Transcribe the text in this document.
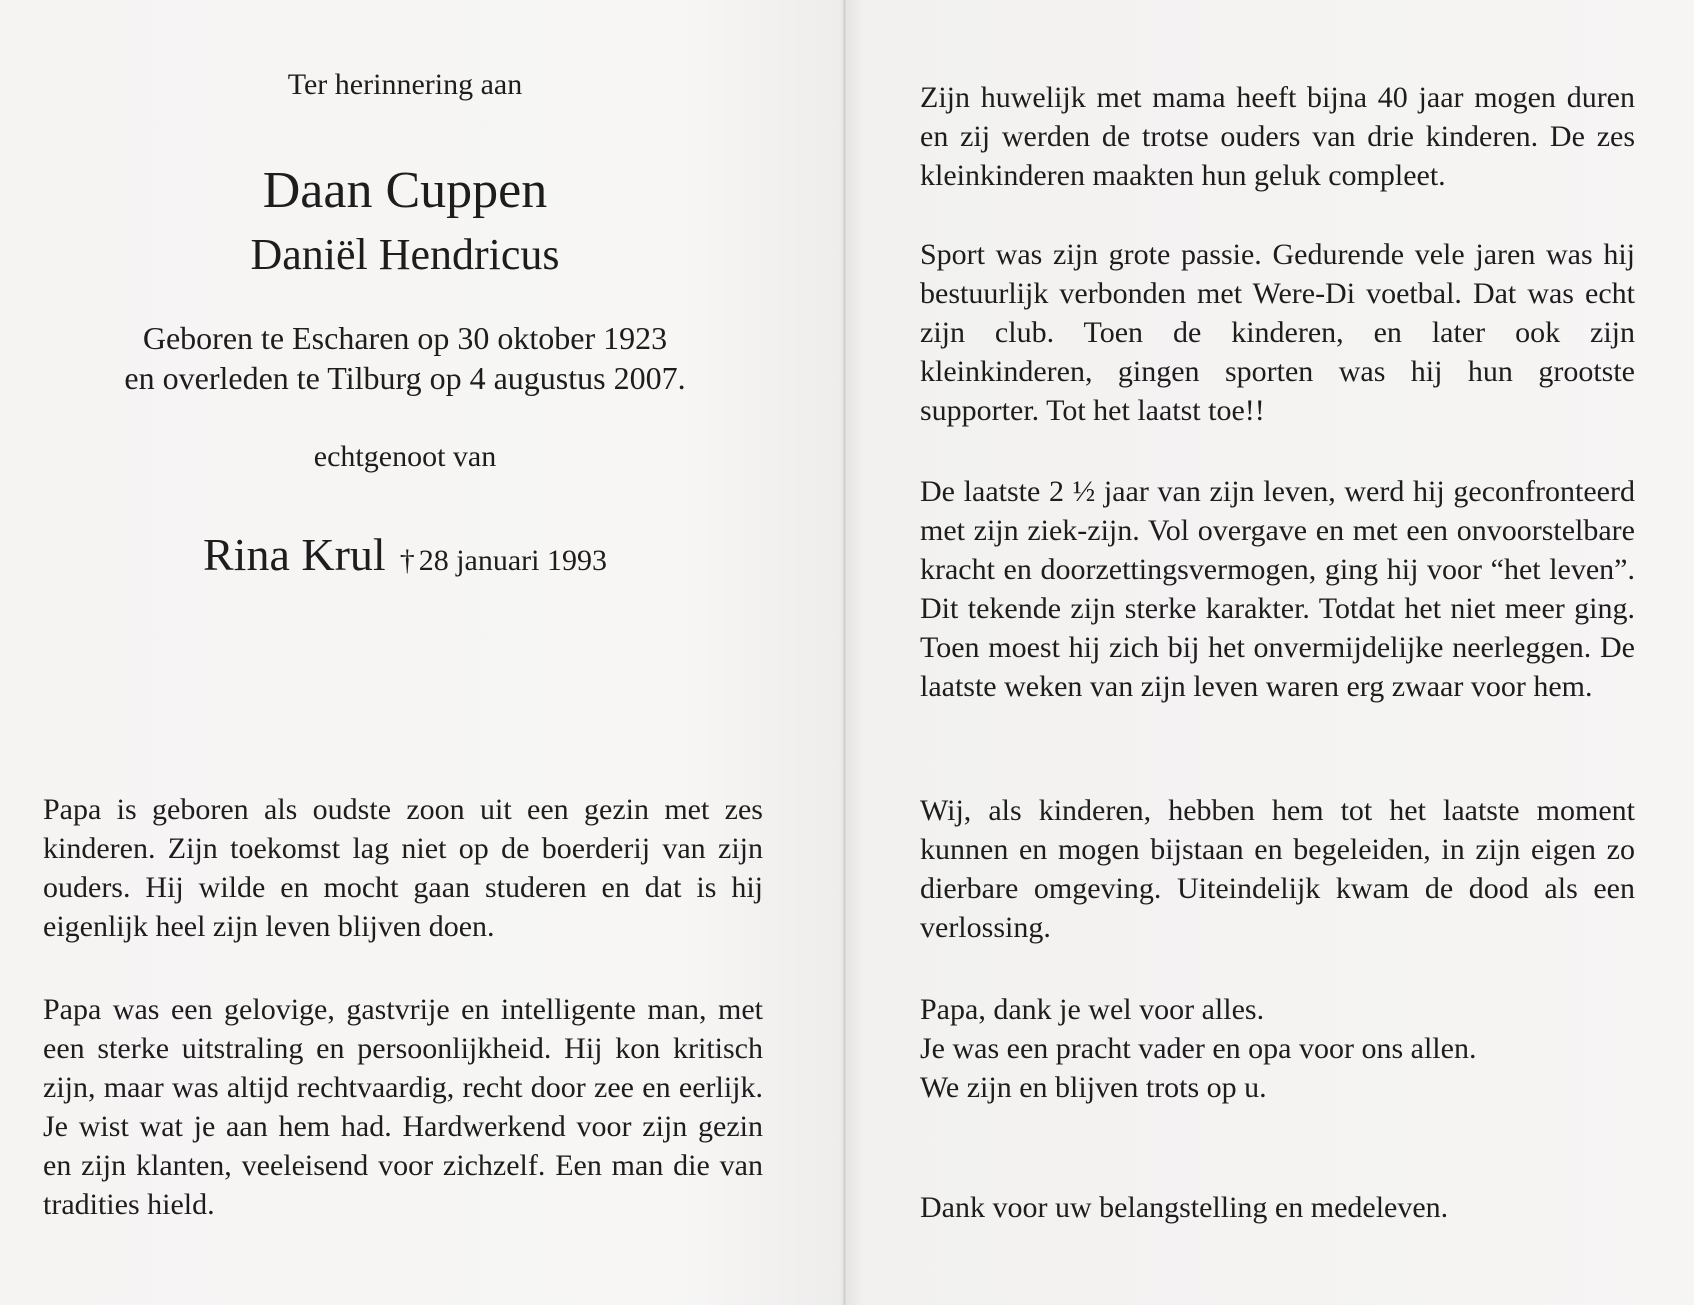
Ter herinnering aan
Daan Cuppen
Daniël Hendricus
Geboren te Escharen op 30 oktober 1923
en overleden te Tilburg op 4 augustus 2007.
echtgenoot van
Rina Krul † 28 januari 1993

Papa is geboren als oudste zoon uit een gezin met zes kinderen. Zijn toekomst lag niet op de boerderij van zijn ouders. Hij wilde en mocht gaan studeren en dat is hij eigenlijk heel zijn leven blijven doen.

Papa was een gelovige, gastvrije en intelligente man, met een sterke uitstraling en persoonlijkheid. Hij kon kritisch zijn, maar was altijd rechtvaardig, recht door zee en eerlijk. Je wist wat je aan hem had. Hardwerkend voor zijn gezin en zijn klanten, veeleisend voor zichzelf. Een man die van tradities hield.

Zijn huwelijk met mama heeft bijna 40 jaar mogen duren en zij werden de trotse ouders van drie kinderen. De zes kleinkinderen maakten hun geluk compleet.

Sport was zijn grote passie. Gedurende vele jaren was hij bestuurlijk verbonden met Were-Di voetbal. Dat was echt zijn club. Toen de kinderen, en later ook zijn kleinkinderen, gingen sporten was hij hun grootste supporter. Tot het laatst toe!!

De laatste 2 ½ jaar van zijn leven, werd hij geconfronteerd met zijn ziek-zijn. Vol overgave en met een onvoorstelbare kracht en doorzettingsvermogen, ging hij voor “het leven”. Dit tekende zijn sterke karakter. Totdat het niet meer ging. Toen moest hij zich bij het onvermijdelijke neerleggen. De laatste weken van zijn leven waren erg zwaar voor hem.

Wij, als kinderen, hebben hem tot het laatste moment kunnen en mogen bijstaan en begeleiden, in zijn eigen zo dierbare omgeving. Uiteindelijk kwam de dood als een verlossing.

Papa, dank je wel voor alles.
Je was een pracht vader en opa voor ons allen.
We zijn en blijven trots op u.
Dank voor uw belangstelling en medeleven.
